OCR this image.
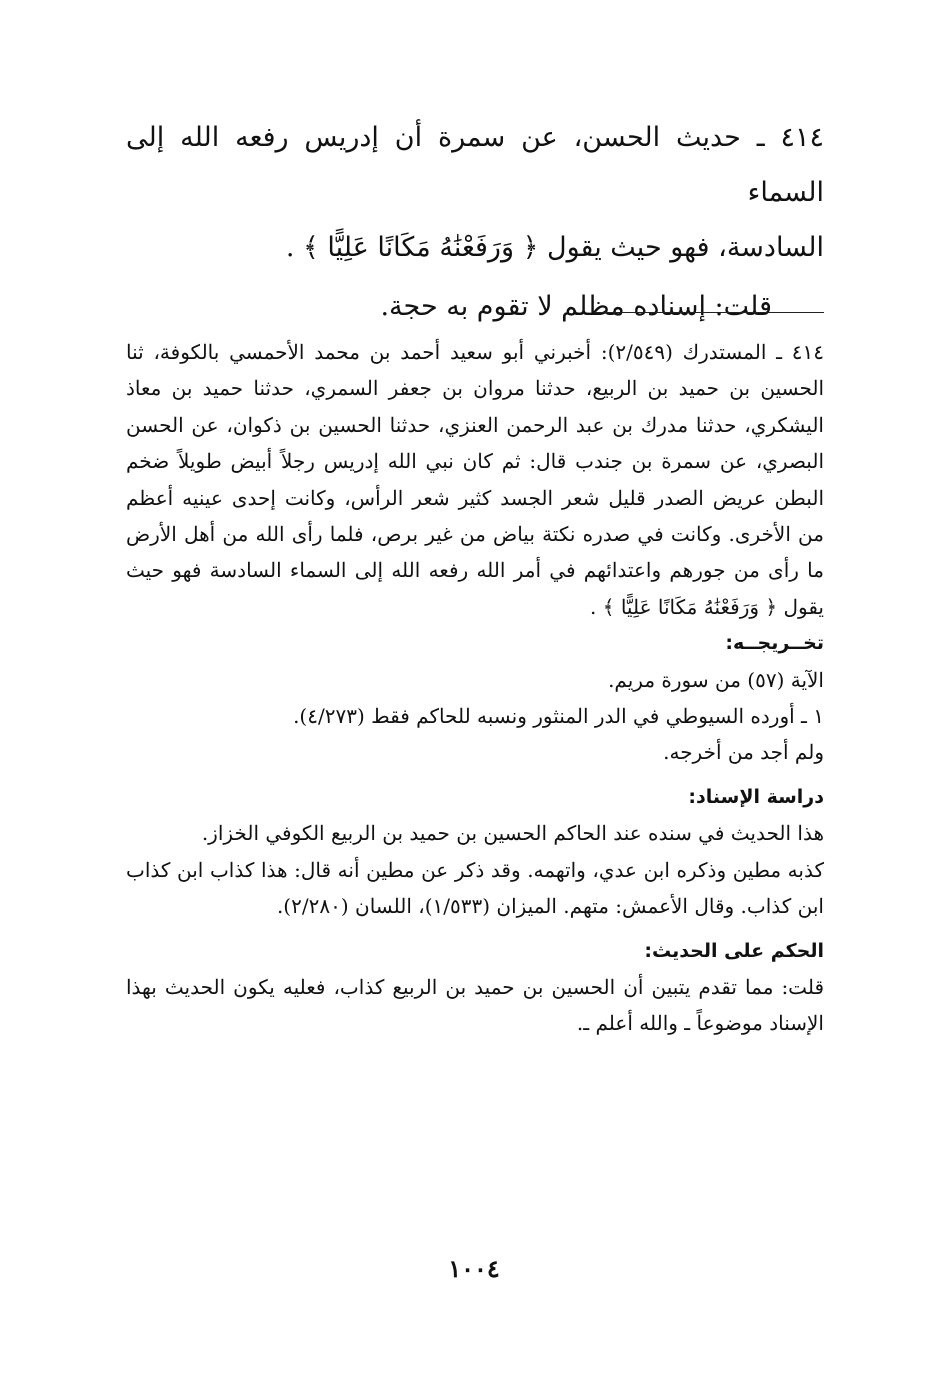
٤١٤ ـ حديث الحسن، عن سمرة أن إدريس رفعه الله إلى السماء

السادسة، فهو حيث يقول ﴿ وَرَفَعْنَٰهُ مَكَانًا عَلِيًّا ﴾ .

قلت: إسناده مظلم لا تقوم به حجة.

٤١٤ ـ المستدرك (٢/٥٤٩): أخبرني أبو سعيد أحمد بن محمد الأحمسي بالكوفة، ثنا الحسين بن حميد بن الربيع، حدثنا مروان بن جعفر السمري، حدثنا حميد بن معاذ اليشكري، حدثنا مدرك بن عبد الرحمن العنزي، حدثنا الحسين بن ذكوان، عن الحسن البصري، عن سمرة بن جندب قال: ثم كان نبي الله إدريس رجلاً أبيض طويلاً ضخم البطن عريض الصدر قليل شعر الجسد كثير شعر الرأس، وكانت إحدى عينيه أعظم من الأخرى. وكانت في صدره نكتة بياض من غير برص، فلما رأى الله من أهل الأرض ما رأى من جورهم واعتدائهم في أمر الله رفعه الله إلى السماء السادسة فهو حيث يقول ﴿ وَرَفَعْنَٰهُ مَكَانًا عَلِيًّا ﴾ .

تخــريجــه:

الآية (٥٧) من سورة مريم.

١ ـ أورده السيوطي في الدر المنثور ونسبه للحاكم فقط (٤/٢٧٣).

ولم أجد من أخرجه.

دراسة الإسناد:

هذا الحديث في سنده عند الحاكم الحسين بن حميد بن الربيع الكوفي الخزاز.

كذبه مطين وذكره ابن عدي، واتهمه. وقد ذكر عن مطين أنه قال: هذا كذاب ابن كذاب ابن كذاب. وقال الأعمش: متهم. الميزان (١/٥٣٣)، اللسان (٢/٢٨٠).

الحكم على الحديث:

قلت: مما تقدم يتبين أن الحسين بن حميد بن الربيع كذاب، فعليه يكون الحديث بهذا الإسناد موضوعاً ـ والله أعلم ـ.

١٠٠٤
